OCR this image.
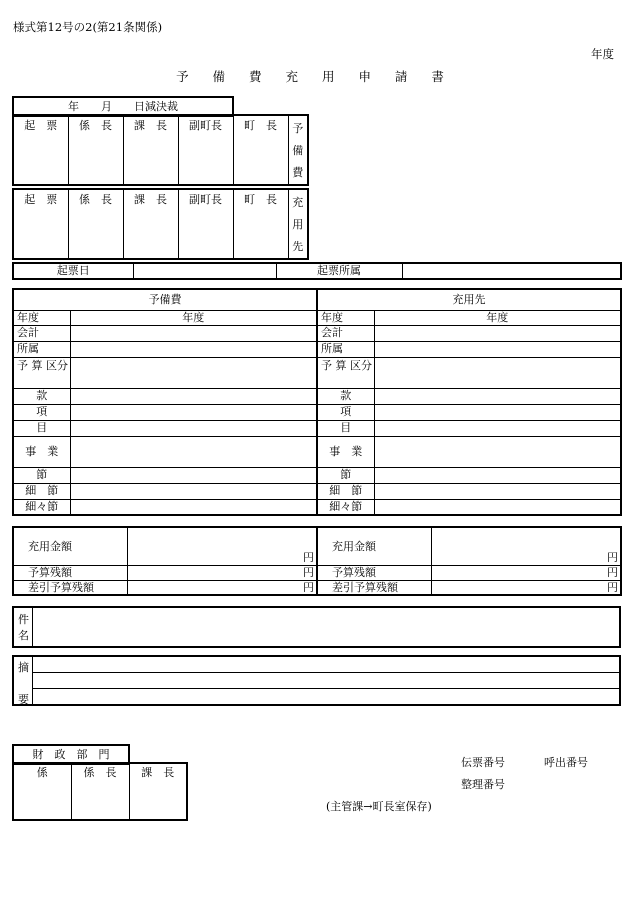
様式第12号の2(第21条関係)
年度
予 備 費 充 用 申 請 書
年　　月　　日減決裁
起　票	係　長	課　長	副町長	町　長	予
備
費
起　票	係　長	課　長	副町長	町　長	充
用
先
起票日		起票所属	
予備費		充用先	
年度	年度	年度	年度
会計		会計	
所属		所属	
予 算 区分		予 算 区分	
款		款	
項		項	
目		目	
事　業		事　業	
節		節	
細　節		細　節	
細々節		細々節	
充用金額	円	充用金額	円
予算残額	円	予算残額	円
差引予算残額	円	差引予算残額	円
件
名
摘
要
財　政　部　門
係	係　長	課　長
伝票番号	呼出番号
整理番号
(主管課→町長室保存)
